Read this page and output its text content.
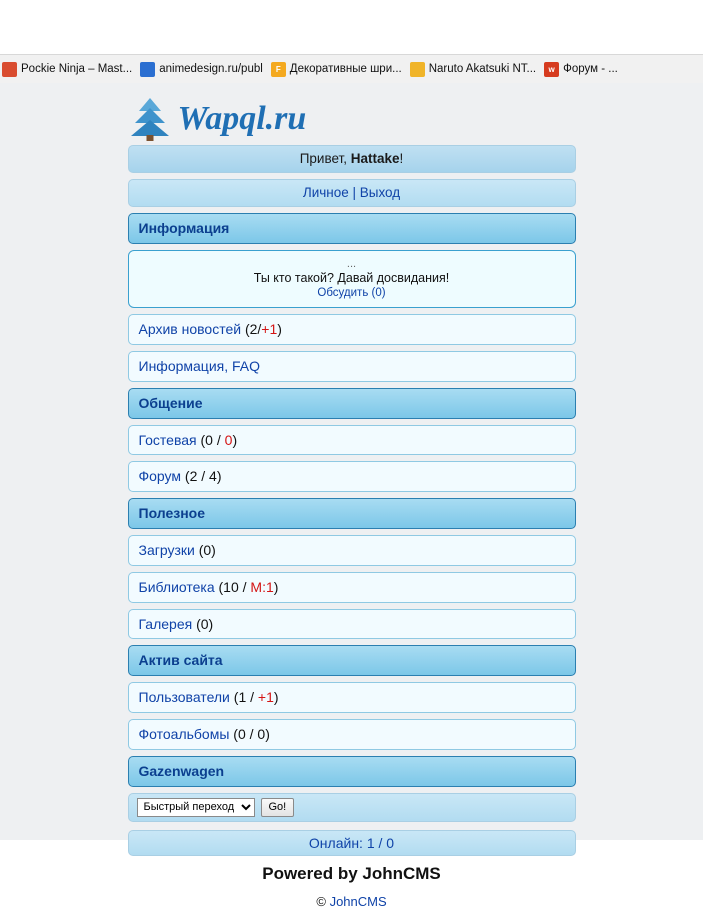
Pockie Ninja – Mast... animedesign.ru/publ	F Декоративные шри... Naruto Akatsuki NT...	w Форум - ...
Wapql.ru
Привет, Hattake!
Личное | Выход
Информация
...
Ты кто такой? Давай досвидания!
Обсудить (0)
Архив новостей (2/+1)
Информация, FAQ
Общение
Гостевая (0 / 0)
Форум (2 / 4)
Полезное
Загрузки (0)
Библиотека (10 / М:1)
Галерея (0)
Актив сайта
Пользователи (1 / +1)
Фотоальбомы (0 / 0)
Gazenwagen
Быстрый переход
Go!
Онлайн: 1 / 0
Powered by JohnCMS
© JohnCMS
